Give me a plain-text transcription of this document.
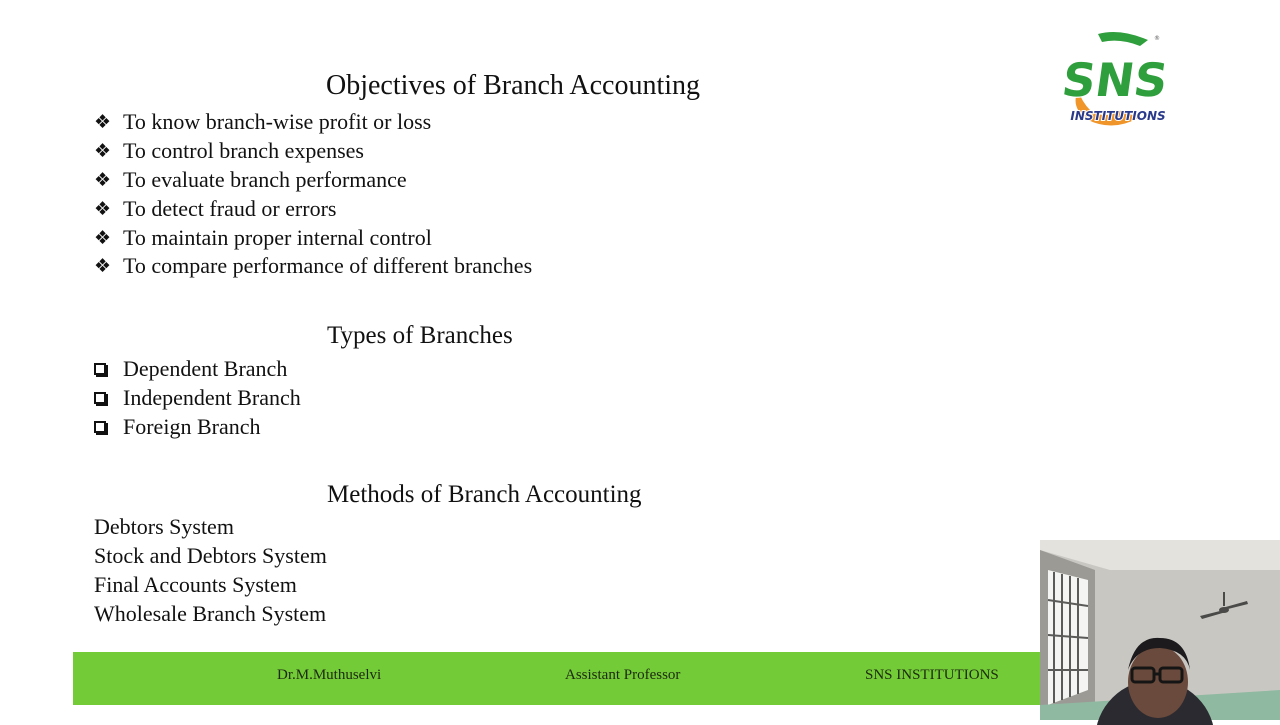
Objectives of Branch Accounting
❖ To know branch-wise profit or loss
❖ To control branch expenses
❖ To evaluate branch performance
❖ To detect fraud or errors
❖ To maintain proper internal control
❖ To compare performance of different branches
Types of Branches
Dependent Branch
Independent Branch
Foreign Branch
Methods of Branch Accounting
Debtors System
Stock and Debtors System
Final Accounts System
Wholesale Branch System
SNS
INSTITUTIONS
®
Dr.M.Muthuselvi	Assistant Professor	SNS INSTITUTIONS
